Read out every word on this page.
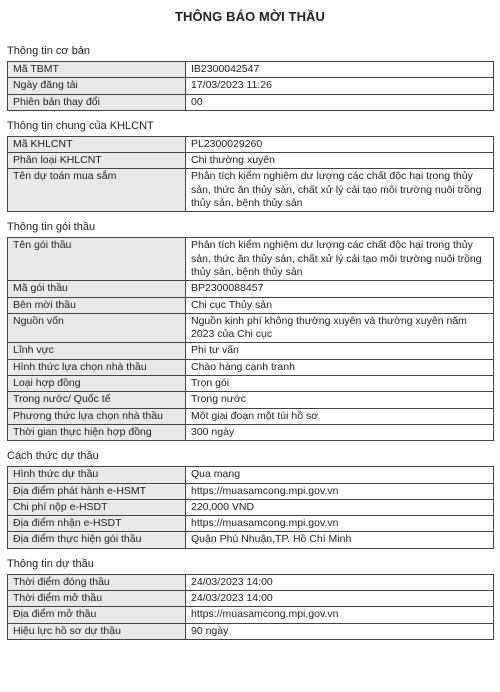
THÔNG BÁO MỜI THẦU
Thông tin cơ bản
Mã TBMT	IB2300042547
Ngày đăng tải	17/03/2023 11:26
Phiên bản thay đổi	00
Thông tin chung của KHLCNT
Mã KHLCNT	PL2300029260
Phân loại KHLCNT	Chi thường xuyên
Tên dự toán mua sắm	Phân tích kiểm nghiệm dư lượng các chất độc hại trong thủy sản, thức ăn thủy sản, chất xử lý cải tạo môi trường nuôi trồng thủy sản, bệnh thủy sản
Thông tin gói thầu
Tên gói thầu	Phân tích kiểm nghiệm dư lượng các chất độc hại trong thủy sản, thức ăn thủy sản, chất xử lý cải tạo môi trường nuôi trồng thủy sản, bệnh thủy sản
Mã gói thầu	BP2300088457
Bên mời thầu	Chi cục Thủy sản
Nguồn vốn	Nguồn kinh phí không thường xuyên và thường xuyên năm 2023 của Chi cục
Lĩnh vực	Phi tư vấn
Hình thức lựa chọn nhà thầu	Chào hàng cạnh tranh
Loại hợp đồng	Trọn gói
Trong nước/ Quốc tế	Trong nước
Phương thức lựa chọn nhà thầu	Một giai đoạn một túi hồ sơ
Thời gian thực hiện hợp đồng	300 ngày
Cách thức dự thầu
Hình thức dự thầu	Qua mạng
Địa điểm phát hành e-HSMT	https://muasamcong.mpi.gov.vn
Chi phí nộp e-HSDT	220,000 VND
Địa điểm nhận e-HSDT	https://muasamcong.mpi.gov.vn
Địa điểm thực hiện gói thầu	Quận Phú Nhuận,TP. Hồ Chí Minh
Thông tin dự thầu
Thời điểm đóng thầu	24/03/2023 14:00
Thời điểm mở thầu	24/03/2023 14:00
Địa điểm mở thầu	https://muasamcong.mpi.gov.vn
Hiệu lực hồ sơ dự thầu	90 ngày
